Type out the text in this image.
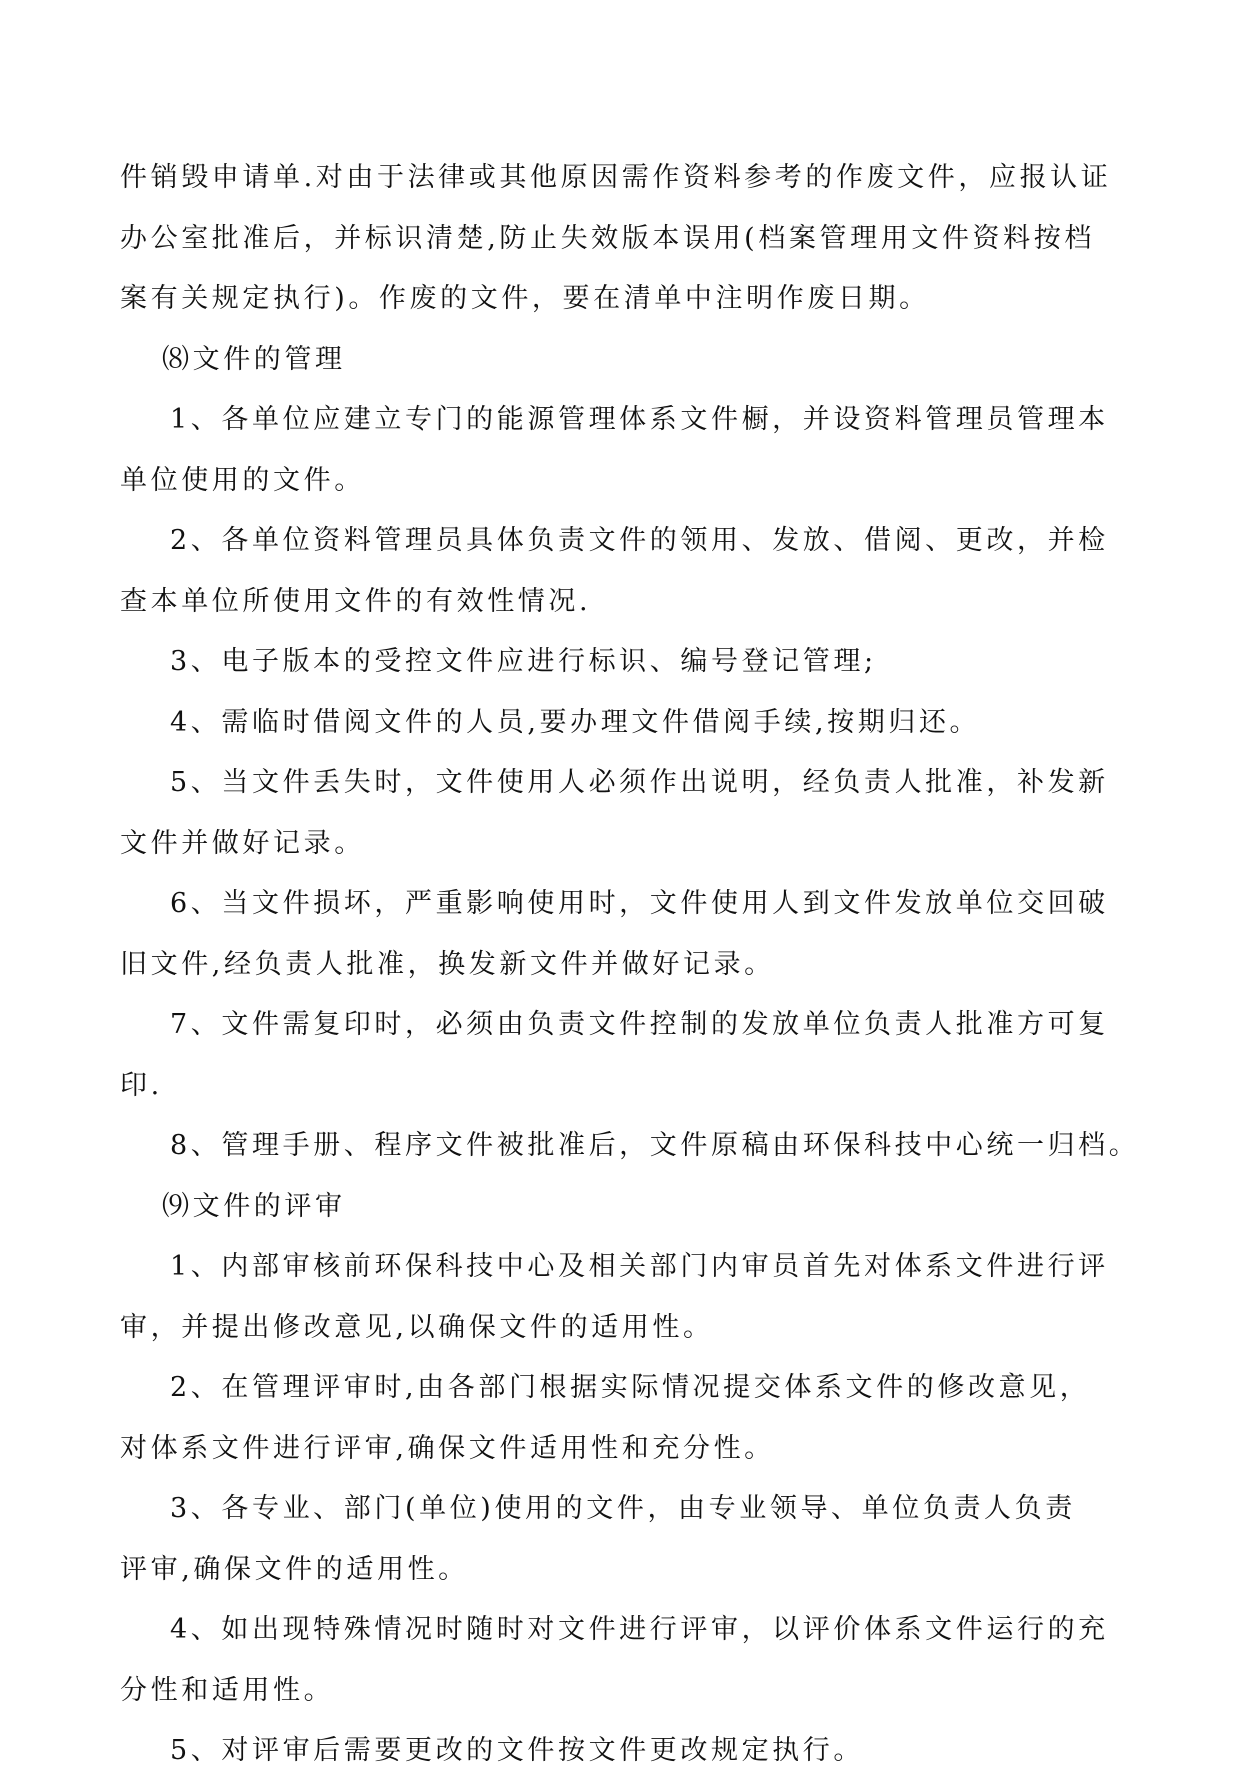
件销毁申请单.对由于法律或其他原因需作资料参考的作废文件，应报认证
办公室批准后，并标识清楚,防止失效版本误用(档案管理用文件资料按档
案有关规定执行)。作废的文件，要在清单中注明作废日期。
⑻文件的管理
1、各单位应建立专门的能源管理体系文件橱，并设资料管理员管理本
单位使用的文件。
2、各单位资料管理员具体负责文件的领用、发放、借阅、更改，并检
查本单位所使用文件的有效性情况.
3、电子版本的受控文件应进行标识、编号登记管理;
4、需临时借阅文件的人员,要办理文件借阅手续,按期归还。
5、当文件丢失时，文件使用人必须作出说明，经负责人批准，补发新
文件并做好记录。
6、当文件损坏，严重影响使用时，文件使用人到文件发放单位交回破
旧文件,经负责人批准，换发新文件并做好记录。
7、文件需复印时，必须由负责文件控制的发放单位负责人批准方可复
印.
8、管理手册、程序文件被批准后，文件原稿由环保科技中心统一归档。
⑼文件的评审
1、内部审核前环保科技中心及相关部门内审员首先对体系文件进行评
审，并提出修改意见,以确保文件的适用性。
2、在管理评审时,由各部门根据实际情况提交体系文件的修改意见，
对体系文件进行评审,确保文件适用性和充分性。
3、各专业、部门(单位)使用的文件，由专业领导、单位负责人负责
评审,确保文件的适用性。
4、如出现特殊情况时随时对文件进行评审，以评价体系文件运行的充
分性和适用性。
5、对评审后需要更改的文件按文件更改规定执行。
